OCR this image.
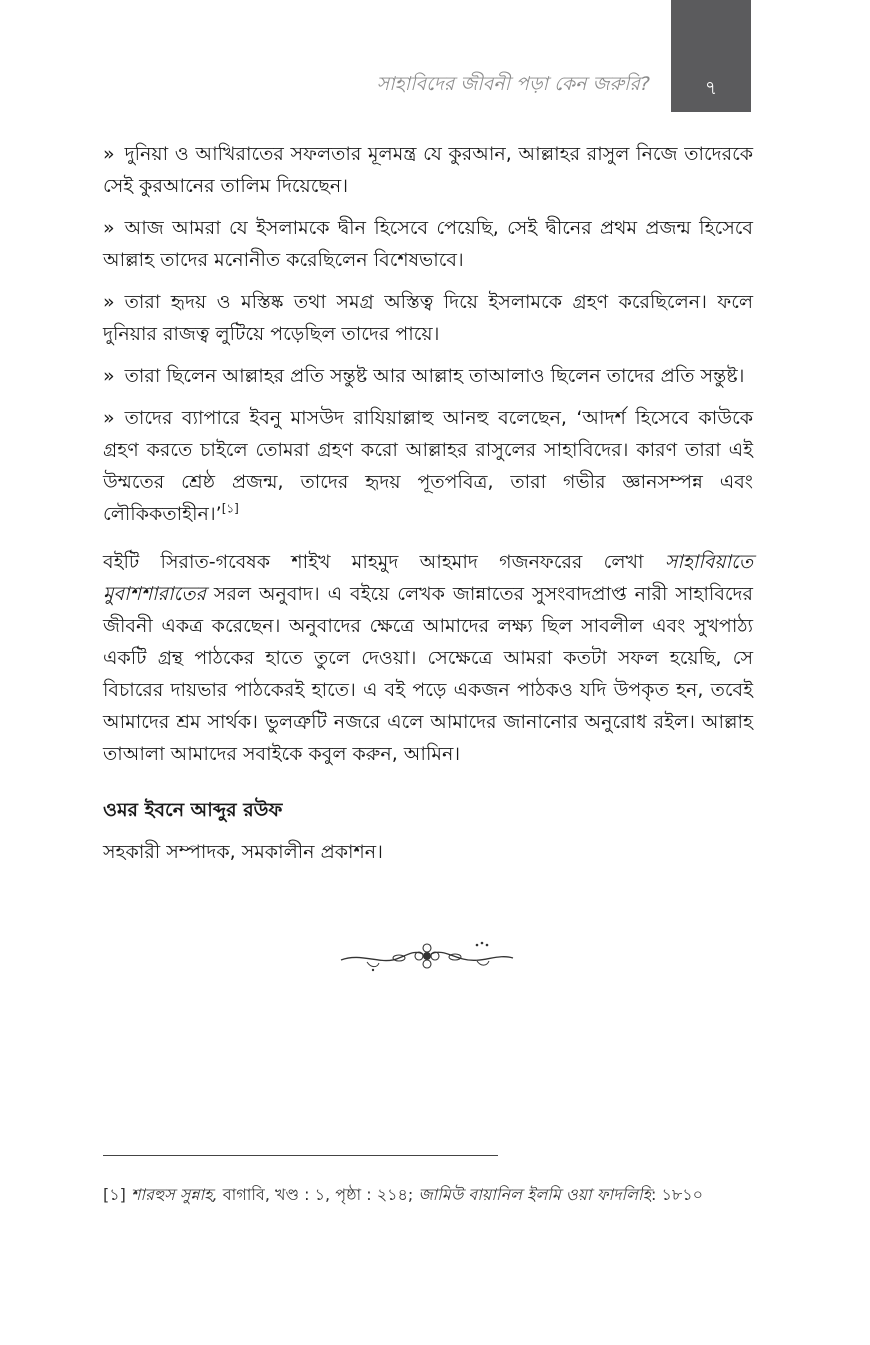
সাহাবিদের জীবনী পড়া কেন জরুরি?	৭

» দুনিয়া ও আখিরাতের সফলতার মূলমন্ত্র যে কুরআন, আল্লাহর রাসুল নিজে তাদেরকে সেই কুরআনের তালিম দিয়েছেন।

» আজ আমরা যে ইসলামকে দ্বীন হিসেবে পেয়েছি, সেই দ্বীনের প্রথম প্রজন্ম হিসেবে আল্লাহ তাদের মনোনীত করেছিলেন বিশেষভাবে।

» তারা হৃদয় ও মস্তিষ্ক তথা সমগ্র অস্তিত্ব দিয়ে ইসলামকে গ্রহণ করেছিলেন। ফলে দুনিয়ার রাজত্ব লুটিয়ে পড়েছিল তাদের পায়ে।

» তারা ছিলেন আল্লাহর প্রতি সন্তুষ্ট আর আল্লাহ তাআলাও ছিলেন তাদের প্রতি সন্তুষ্ট।

» তাদের ব্যাপারে ইবনু মাসউদ রাযিয়াল্লাহু আনহু বলেছেন, ‘আদর্শ হিসেবে কাউকে গ্রহণ করতে চাইলে তোমরা গ্রহণ করো আল্লাহর রাসুলের সাহাবিদের। কারণ তারা এই উম্মতের শ্রেষ্ঠ প্রজন্ম, তাদের হৃদয় পূতপবিত্র, তারা গভীর জ্ঞানসম্পন্ন এবং লৌকিকতাহীন।’[১]

বইটি সিরাত-গবেষক শাইখ মাহমুদ আহমাদ গজনফরের লেখা সাহাবিয়াতে মুবাশশারাতের সরল অনুবাদ। এ বইয়ে লেখক জান্নাতের সুসংবাদপ্রাপ্ত নারী সাহাবিদের জীবনী একত্র করেছেন। অনুবাদের ক্ষেত্রে আমাদের লক্ষ্য ছিল সাবলীল এবং সুখপাঠ্য একটি গ্রন্থ পাঠকের হাতে তুলে দেওয়া। সেক্ষেত্রে আমরা কতটা সফল হয়েছি, সে বিচারের দায়ভার পাঠকেরই হাতে। এ বই পড়ে একজন পাঠকও যদি উপকৃত হন, তবেই আমাদের শ্রম সার্থক। ভুলত্রুটি নজরে এলে আমাদের জানানোর অনুরোধ রইল। আল্লাহ তাআলা আমাদের সবাইকে কবুল করুন, আমিন।

ওমর ইবনে আব্দুর রউফ

সহকারী সম্পাদক, সমকালীন প্রকাশন।

[১] শারহুস সুন্নাহ, বাগাবি, খণ্ড : ১, পৃষ্ঠা : ২১৪; জামিউ বায়ানিল ইলমি ওয়া ফাদলিহি: ১৮১০
